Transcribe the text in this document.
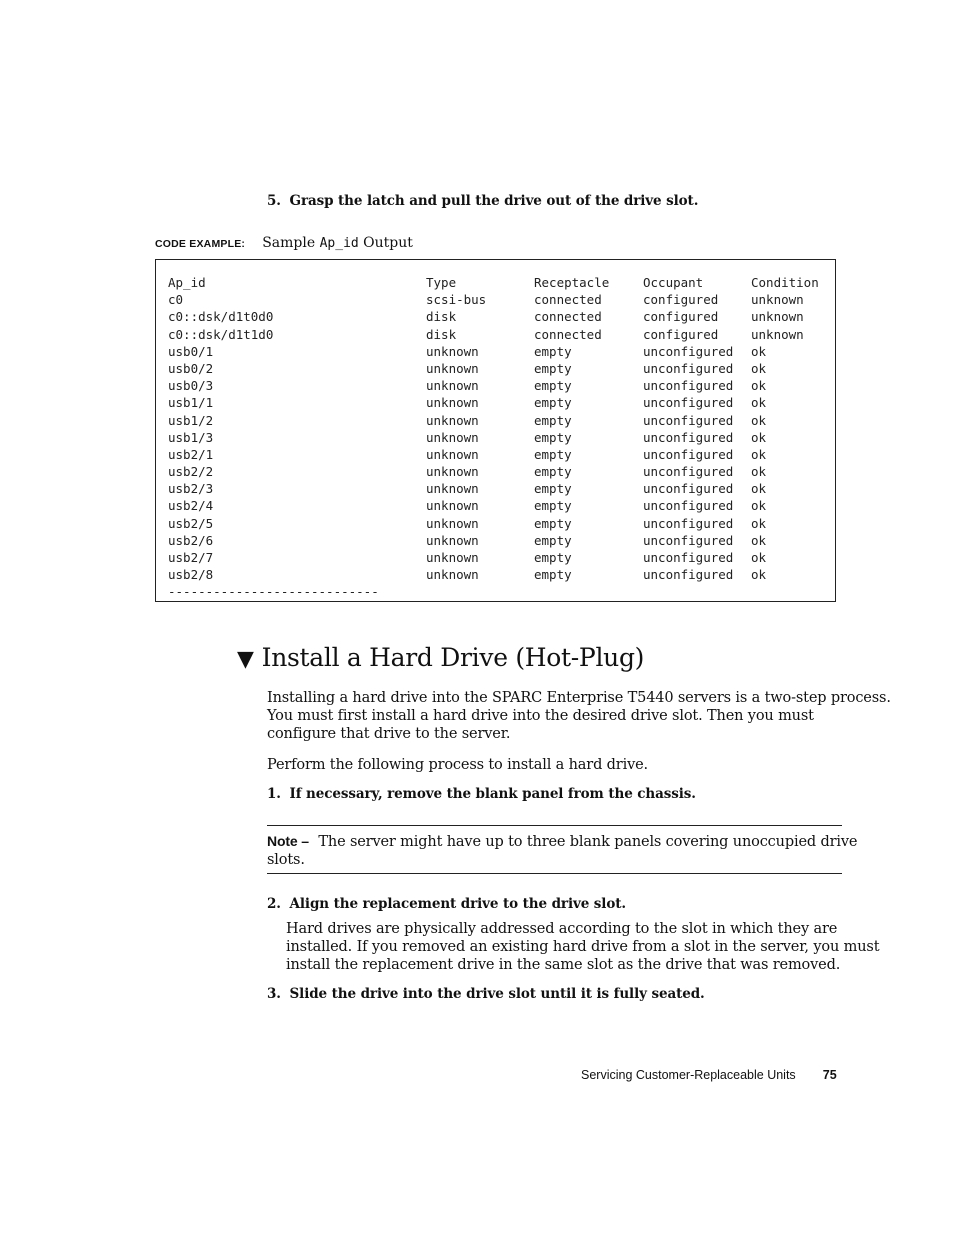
5. Grasp the latch and pull the drive out of the drive slot.
CODE EXAMPLE: Sample Ap_id Output
Ap_id	Type	Receptacle	Occupant	Condition
c0	scsi-bus	connected	configured	unknown
c0::dsk/d1t0d0	disk	connected	configured	unknown
c0::dsk/d1t1d0	disk	connected	configured	unknown
usb0/1	unknown	empty	unconfigured	ok
usb0/2	unknown	empty	unconfigured	ok
usb0/3	unknown	empty	unconfigured	ok
usb1/1	unknown	empty	unconfigured	ok
usb1/2	unknown	empty	unconfigured	ok
usb1/3	unknown	empty	unconfigured	ok
usb2/1	unknown	empty	unconfigured	ok
usb2/2	unknown	empty	unconfigured	ok
usb2/3	unknown	empty	unconfigured	ok
usb2/4	unknown	empty	unconfigured	ok
usb2/5	unknown	empty	unconfigured	ok
usb2/6	unknown	empty	unconfigured	ok
usb2/7	unknown	empty	unconfigured	ok
usb2/8	unknown	empty	unconfigured	ok
----------------------------				
▼ Install a Hard Drive (Hot-Plug)
Installing a hard drive into the SPARC Enterprise T5440 servers is a two-step process.
You must first install a hard drive into the desired drive slot. Then you must
configure that drive to the server.
Perform the following process to install a hard drive.
1. If necessary, remove the blank panel from the chassis.
Note – The server might have up to three blank panels covering unoccupied drive
slots.
2. Align the replacement drive to the drive slot.
Hard drives are physically addressed according to the slot in which they are
installed. If you removed an existing hard drive from a slot in the server, you must
install the replacement drive in the same slot as the drive that was removed.
3. Slide the drive into the drive slot until it is fully seated.
Servicing Customer-Replaceable Units 75
